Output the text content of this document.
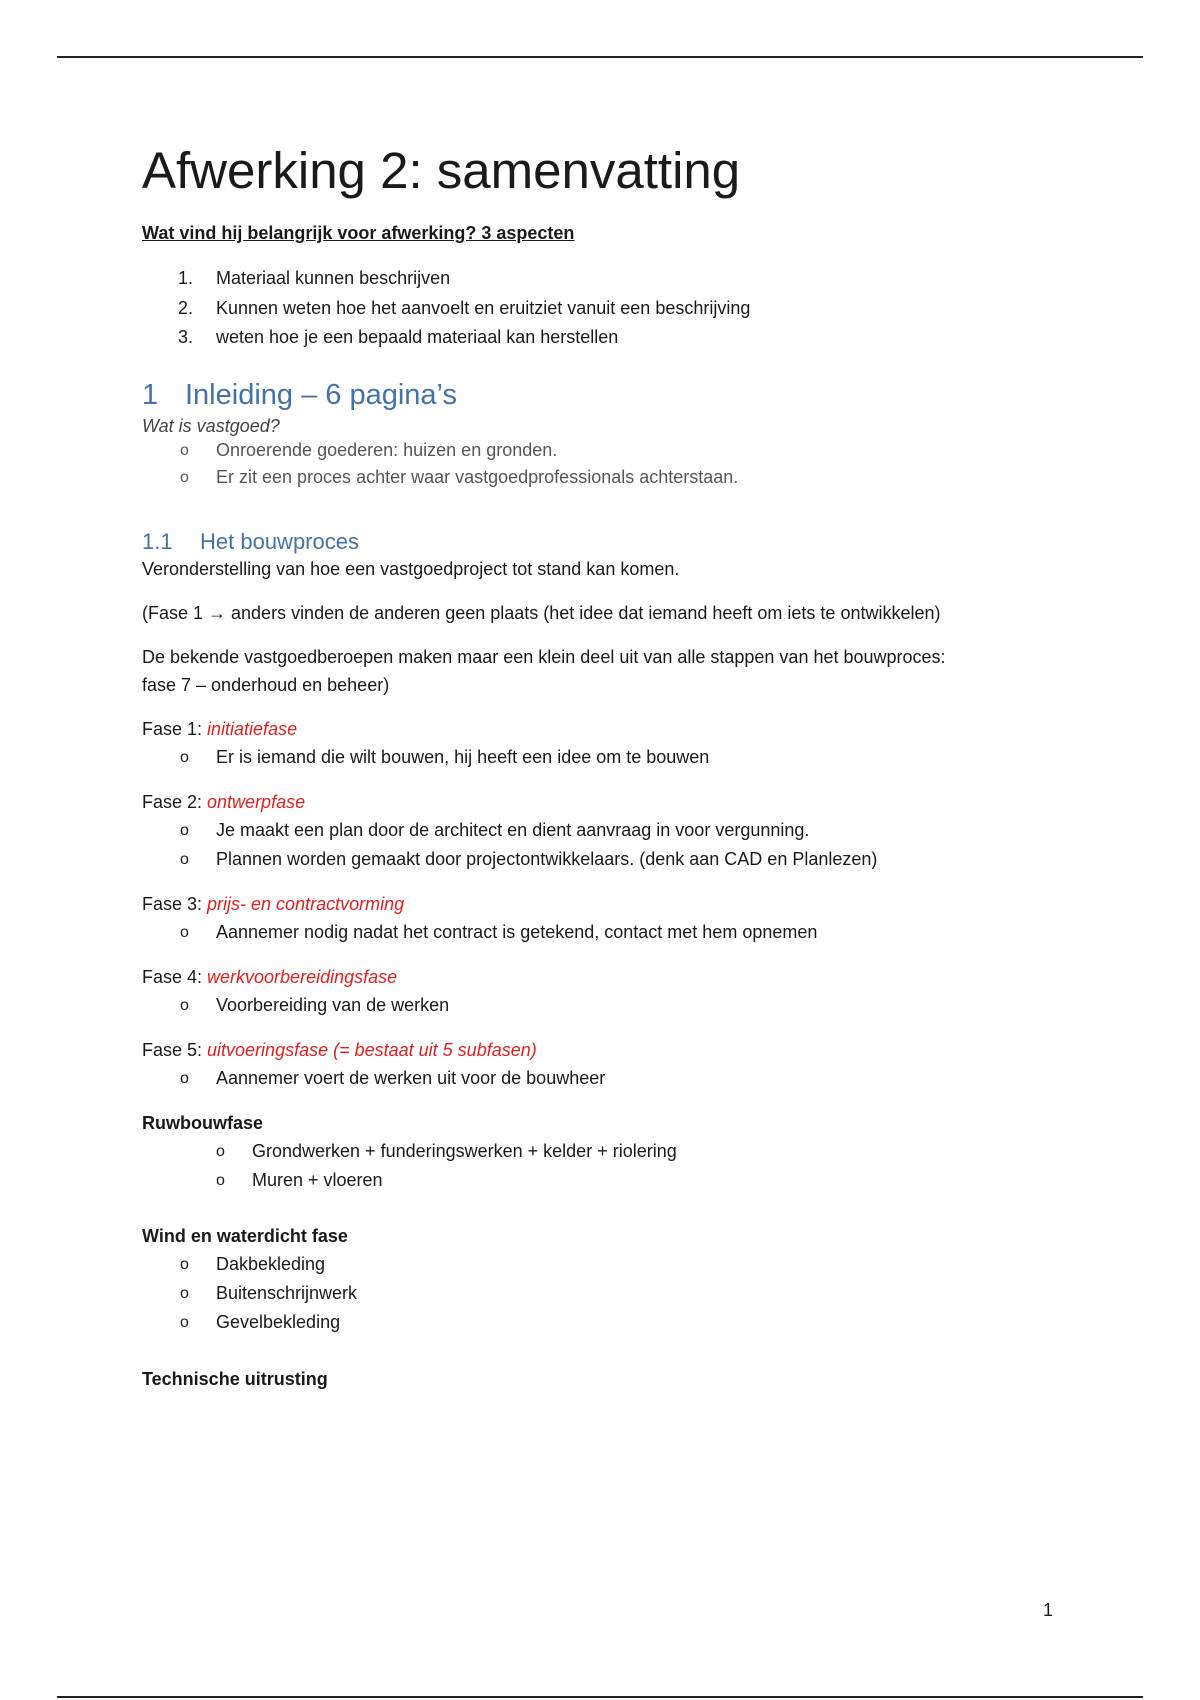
Afwerking 2: samenvatting
Wat vind hij belangrijk voor afwerking? 3 aspecten
1. Materiaal kunnen beschrijven
2. Kunnen weten hoe het aanvoelt en eruitziet vanuit een beschrijving
3. weten hoe je een bepaald materiaal kan herstellen
1 Inleiding – 6 pagina’s
Wat is vastgoed?
o Onroerende goederen: huizen en gronden.
o Er zit een proces achter waar vastgoedprofessionals achterstaan.
1.1 Het bouwproces

Veronderstelling van hoe een vastgoedproject tot stand kan komen.

(Fase 1 → anders vinden de anderen geen plaats (het idee dat iemand heeft om iets te ontwikkelen)

De bekende vastgoedberoepen maken maar een klein deel uit van alle stappen van het bouwproces:
fase 7 – onderhoud en beheer)

Fase 1: initiatiefase

o Er is iemand die wilt bouwen, hij heeft een idee om te bouwen

Fase 2: ontwerpfase

o Je maakt een plan door de architect en dient aanvraag in voor vergunning.
o Plannen worden gemaakt door projectontwikkelaars. (denk aan CAD en Planlezen)

Fase 3: prijs- en contractvorming

o Aannemer nodig nadat het contract is getekend, contact met hem opnemen

Fase 4: werkvoorbereidingsfase

o Voorbereiding van de werken

Fase 5: uitvoeringsfase (= bestaat uit 5 subfasen)

o Aannemer voert de werken uit voor de bouwheer

Ruwbouwfase

o Grondwerken + funderingswerken + kelder + riolering
o Muren + vloeren

Wind en waterdicht fase

o Dakbekleding
o Buitenschrijnwerk
o Gevelbekleding

Technische uitrusting

1
